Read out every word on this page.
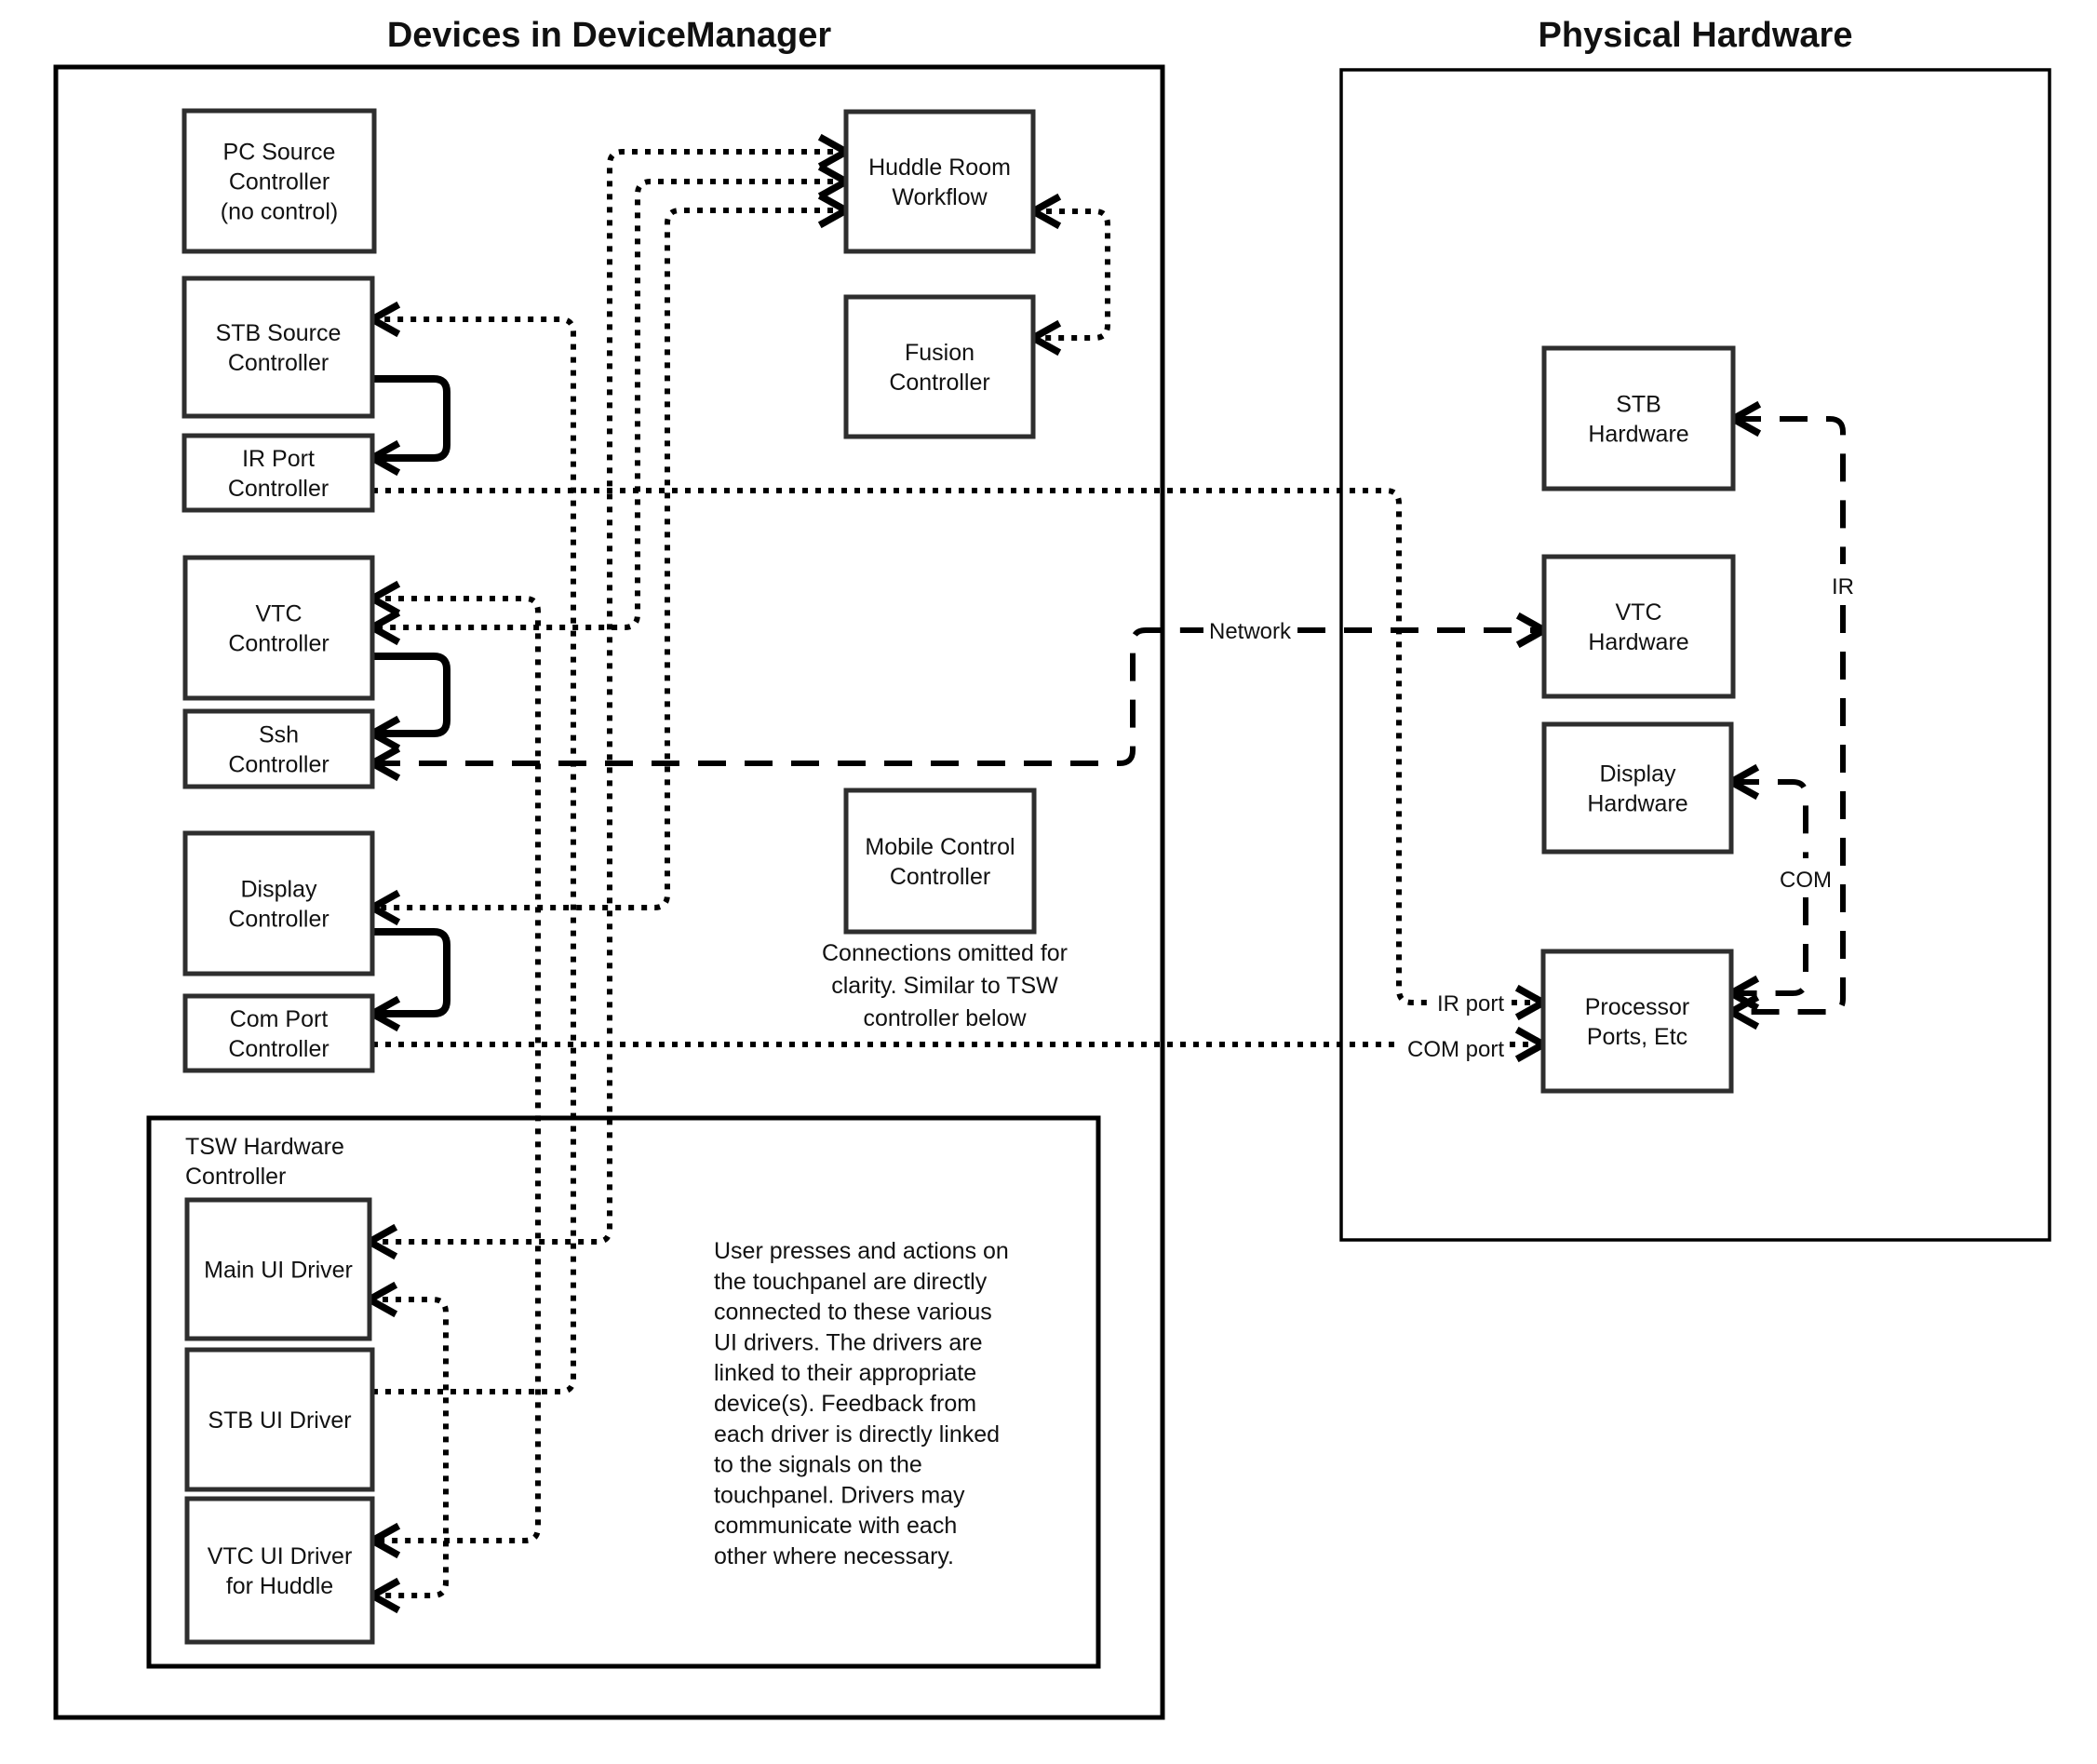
PC Source Controller (no control)
STB Source Controller
IR Port Controller
VTC Controller
Ssh Controller
Display Controller
Com Port Controller
Huddle Room Workflow
Fusion Controller
Mobile Control Controller
Main UI Driver
STB UI Driver
VTC UI Driver for Huddle
STB Hardware
VTC Hardware
Display Hardware
Processor Ports, Etc
Devices in DeviceManager	Physical Hardware
Network
IR
COM
IR port
COM port
TSW Hardware Controller
Connections omitted for clarity. Similar to TSW controller below
User presses and actions on the touchpanel are directly connected to these various UI drivers. The drivers are linked to their appropriate device(s). Feedback from each driver is directly linked to the signals on the touchpanel. Drivers may communicate with each other where necessary.
